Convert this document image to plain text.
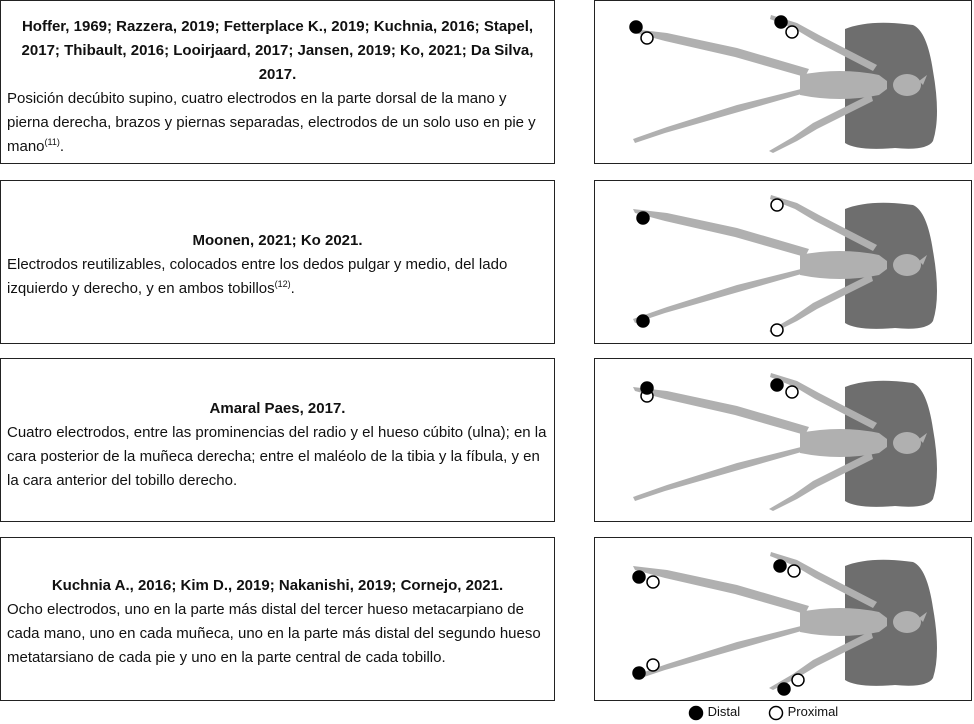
Hoffer, 1969; Razzera, 2019; Fetterplace K., 2019; Kuchnia, 2016; Stapel, 2017; Thibault, 2016; Looirjaard, 2017; Jansen, 2019; Ko, 2021; Da Silva, 2017.
Posición decúbito supino, cuatro electrodos en la parte dorsal de la mano y pierna derecha, brazos y piernas separadas, electrodos de un solo uso en pie y mano$^{(11)}$.
Moonen, 2021; Ko 2021.
Electrodos reutilizables, colocados entre los dedos pulgar y medio, del lado izquierdo y derecho, y en ambos tobillos$^{(12)}$.
Amaral Paes, 2017.
Cuatro electrodos, entre las prominencias del radio y el hueso cúbito (ulna); en la cara posterior de la muñeca derecha; entre el maléolo de la tibia y la fíbula, y en la cara anterior del tobillo derecho.
Kuchnia A., 2016; Kim D., 2019; Nakanishi, 2019; Cornejo, 2021.
Ocho electrodos, uno en la parte más distal del tercer hueso metacarpiano de cada mano, uno en cada muñeca, uno en la parte más distal del segundo hueso metatarsiano de cada pie y uno en la parte central de cada tobillo.
Distal	Proximal
